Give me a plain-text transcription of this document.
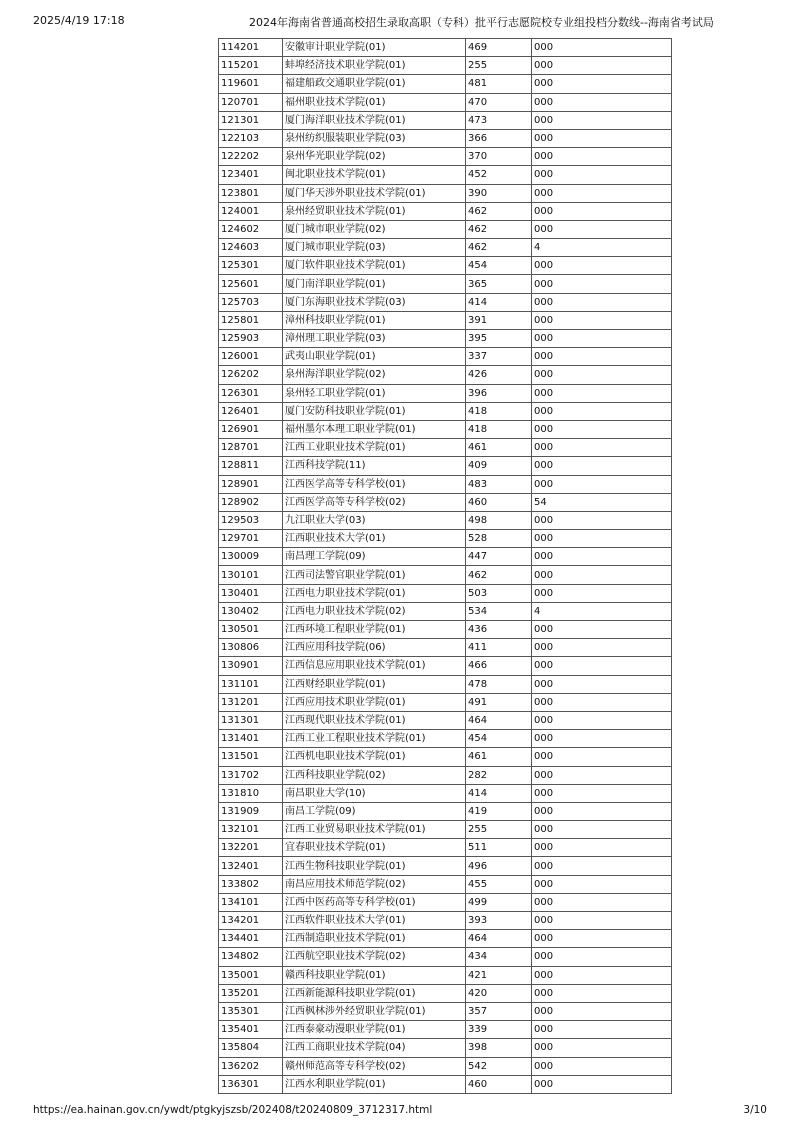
2025/4/19 17:18	2024年海南省普通高校招生录取高职（专科）批平行志愿院校专业组投档分数线--海南省考试局
114201	安徽审计职业学院(01)	469	000
115201	蚌埠经济技术职业学院(01)	255	000
119601	福建船政交通职业学院(01)	481	000
120701	福州职业技术学院(01)	470	000
121301	厦门海洋职业技术学院(01)	473	000
122103	泉州纺织服装职业学院(03)	366	000
122202	泉州华光职业学院(02)	370	000
123401	闽北职业技术学院(01)	452	000
123801	厦门华天涉外职业技术学院(01)	390	000
124001	泉州经贸职业技术学院(01)	462	000
124602	厦门城市职业学院(02)	462	000
124603	厦门城市职业学院(03)	462	4
125301	厦门软件职业技术学院(01)	454	000
125601	厦门南洋职业学院(01)	365	000
125703	厦门东海职业技术学院(03)	414	000
125801	漳州科技职业学院(01)	391	000
125903	漳州理工职业学院(03)	395	000
126001	武夷山职业学院(01)	337	000
126202	泉州海洋职业学院(02)	426	000
126301	泉州轻工职业学院(01)	396	000
126401	厦门安防科技职业学院(01)	418	000
126901	福州墨尔本理工职业学院(01)	418	000
128701	江西工业职业技术学院(01)	461	000
128811	江西科技学院(11)	409	000
128901	江西医学高等专科学校(01)	483	000
128902	江西医学高等专科学校(02)	460	54
129503	九江职业大学(03)	498	000
129701	江西职业技术大学(01)	528	000
130009	南昌理工学院(09)	447	000
130101	江西司法警官职业学院(01)	462	000
130401	江西电力职业技术学院(01)	503	000
130402	江西电力职业技术学院(02)	534	4
130501	江西环境工程职业学院(01)	436	000
130806	江西应用科技学院(06)	411	000
130901	江西信息应用职业技术学院(01)	466	000
131101	江西财经职业学院(01)	478	000
131201	江西应用技术职业学院(01)	491	000
131301	江西现代职业技术学院(01)	464	000
131401	江西工业工程职业技术学院(01)	454	000
131501	江西机电职业技术学院(01)	461	000
131702	江西科技职业学院(02)	282	000
131810	南昌职业大学(10)	414	000
131909	南昌工学院(09)	419	000
132101	江西工业贸易职业技术学院(01)	255	000
132201	宜春职业技术学院(01)	511	000
132401	江西生物科技职业学院(01)	496	000
133802	南昌应用技术师范学院(02)	455	000
134101	江西中医药高等专科学校(01)	499	000
134201	江西软件职业技术大学(01)	393	000
134401	江西制造职业技术学院(01)	464	000
134802	江西航空职业技术学院(02)	434	000
135001	赣西科技职业学院(01)	421	000
135201	江西新能源科技职业学院(01)	420	000
135301	江西枫林涉外经贸职业学院(01)	357	000
135401	江西泰豪动漫职业学院(01)	339	000
135804	江西工商职业技术学院(04)	398	000
136202	赣州师范高等专科学校(02)	542	000
136301	江西水利职业学院(01)	460	000
https://ea.hainan.gov.cn/ywdt/ptgkyjszsb/202408/t20240809_3712317.html	3/10
